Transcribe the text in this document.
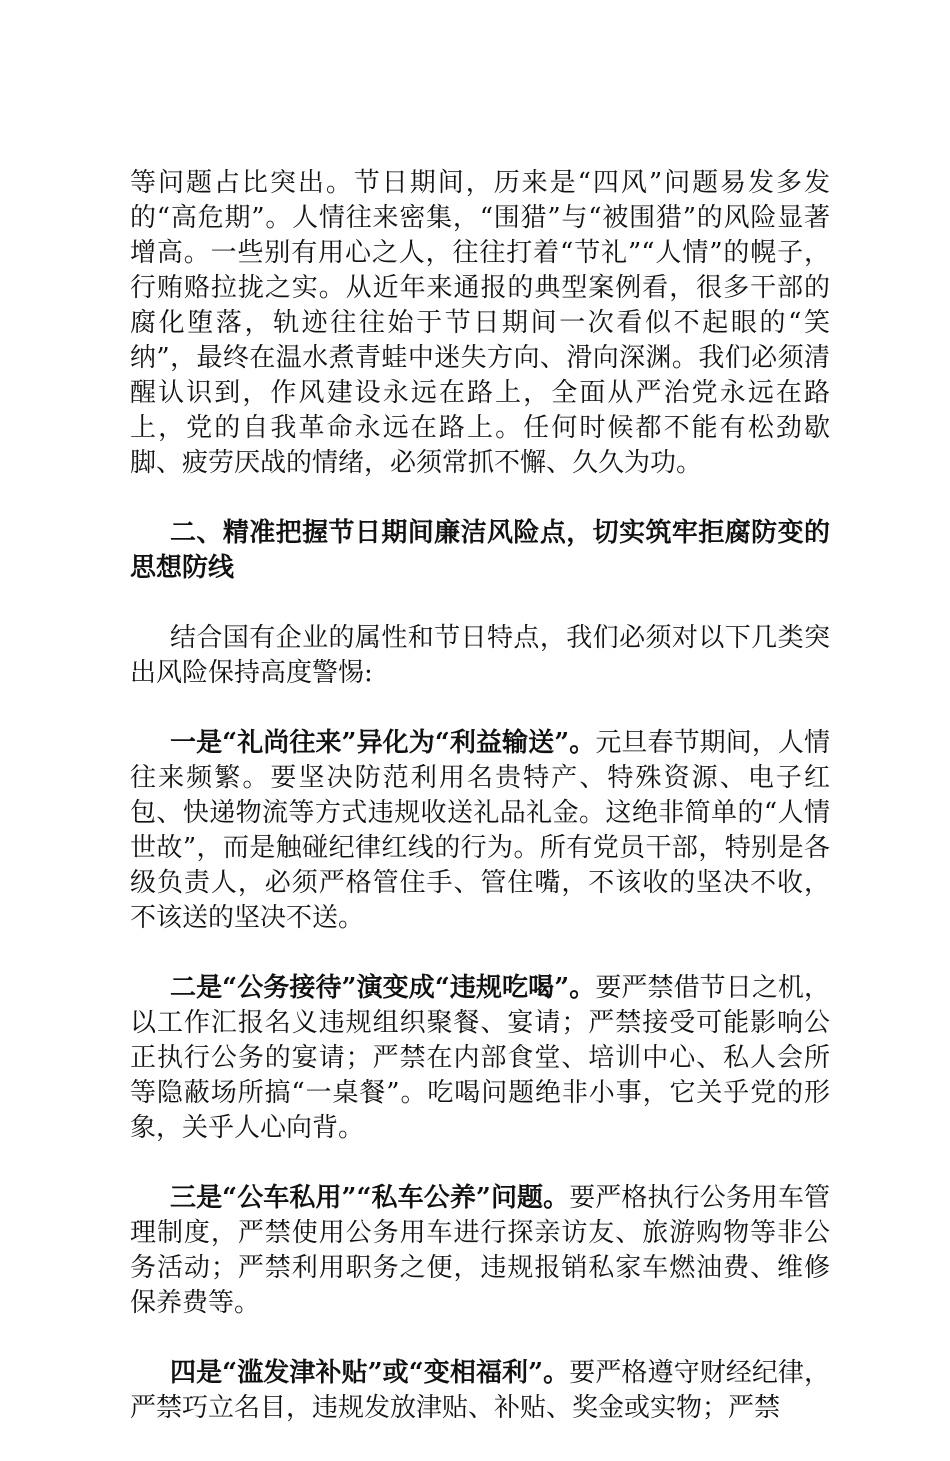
等问题占比突出。节日期间，历来是“四风”问题易发多发的“高危期”。人情往来密集，“围猎”与“被围猎”的风险显著增高。一些别有用心之人，往往打着“节礼”“人情”的幌子，行贿赂拉拢之实。从近年来通报的典型案例看，很多干部的腐化堕落，轨迹往往始于节日期间一次看似不起眼的“笑纳”，最终在温水煮青蛙中迷失方向、滑向深渊。我们必须清醒认识到，作风建设永远在路上，全面从严治党永远在路上，党的自我革命永远在路上。任何时候都不能有松劲歇脚、疲劳厌战的情绪，必须常抓不懈、久久为功。

二、精准把握节日期间廉洁风险点，切实筑牢拒腐防变的思想防线

结合国有企业的属性和节日特点，我们必须对以下几类突出风险保持高度警惕:

一是“礼尚往来”异化为“利益输送”。元旦春节期间，人情往来频繁。要坚决防范利用名贵特产、特殊资源、电子红包、快递物流等方式违规收送礼品礼金。这绝非简单的“人情世故”，而是触碰纪律红线的行为。所有党员干部，特别是各级负责人，必须严格管住手、管住嘴，不该收的坚决不收，不该送的坚决不送。

二是“公务接待”演变成“违规吃喝”。要严禁借节日之机，以工作汇报名义违规组织聚餐、宴请；严禁接受可能影响公正执行公务的宴请；严禁在内部食堂、培训中心、私人会所等隐蔽场所搞“一桌餐”。吃喝问题绝非小事，它关乎党的形象，关乎人心向背。

三是“公车私用”“私车公养”问题。要严格执行公务用车管理制度，严禁使用公务用车进行探亲访友、旅游购物等非公务活动；严禁利用职务之便，违规报销私家车燃油费、维修保养费等。

四是“滥发津补贴”或“变相福利”。要严格遵守财经纪律，严禁巧立名目，违规发放津贴、补贴、奖金或实物；严禁
